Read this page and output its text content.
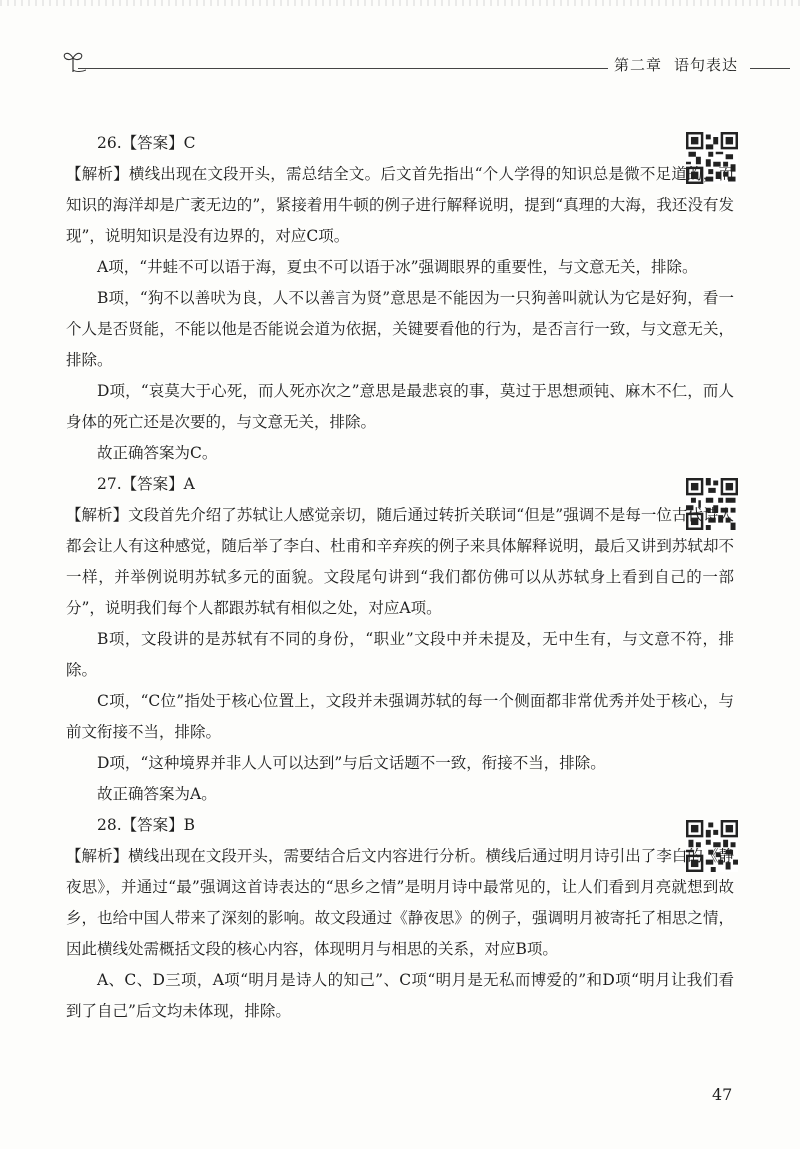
第二章 语句表达

26.【答案】C

【解析】横线出现在文段开头，需总结全文。后文首先指出“个人学得的知识总是微不足道的，而知识的海洋却是广袤无边的”，紧接着用牛顿的例子进行解释说明，提到“真理的大海，我还没有发现”，说明知识是没有边界的，对应C项。

A项，“井蛙不可以语于海，夏虫不可以语于冰”强调眼界的重要性，与文意无关，排除。

B项，“狗不以善吠为良，人不以善言为贤”意思是不能因为一只狗善叫就认为它是好狗，看一个人是否贤能，不能以他是否能说会道为依据，关键要看他的行为，是否言行一致，与文意无关，排除。

D项，“哀莫大于心死，而人死亦次之”意思是最悲哀的事，莫过于思想顽钝、麻木不仁，而人身体的死亡还是次要的，与文意无关，排除。

故正确答案为C。

27.【答案】A

【解析】文段首先介绍了苏轼让人感觉亲切，随后通过转折关联词“但是”强调不是每一位古代诗人都会让人有这种感觉，随后举了李白、杜甫和辛弃疾的例子来具体解释说明，最后又讲到苏轼却不一样，并举例说明苏轼多元的面貌。文段尾句讲到“我们都仿佛可以从苏轼身上看到自己的一部分”，说明我们每个人都跟苏轼有相似之处，对应A项。

B项，文段讲的是苏轼有不同的身份，“职业”文段中并未提及，无中生有，与文意不符，排除。

C项，“C位”指处于核心位置上，文段并未强调苏轼的每一个侧面都非常优秀并处于核心，与前文衔接不当，排除。

D项，“这种境界并非人人可以达到”与后文话题不一致，衔接不当，排除。

故正确答案为A。

28.【答案】B

【解析】横线出现在文段开头，需要结合后文内容进行分析。横线后通过明月诗引出了李白的《静夜思》，并通过“最”强调这首诗表达的“思乡之情”是明月诗中最常见的，让人们看到月亮就想到故乡，也给中国人带来了深刻的影响。故文段通过《静夜思》的例子，强调明月被寄托了相思之情，因此横线处需概括文段的核心内容，体现明月与相思的关系，对应B项。

A、C、D三项，A项“明月是诗人的知己”、C项“明月是无私而博爱的”和D项“明月让我们看到了自己”后文均未体现，排除。

47
